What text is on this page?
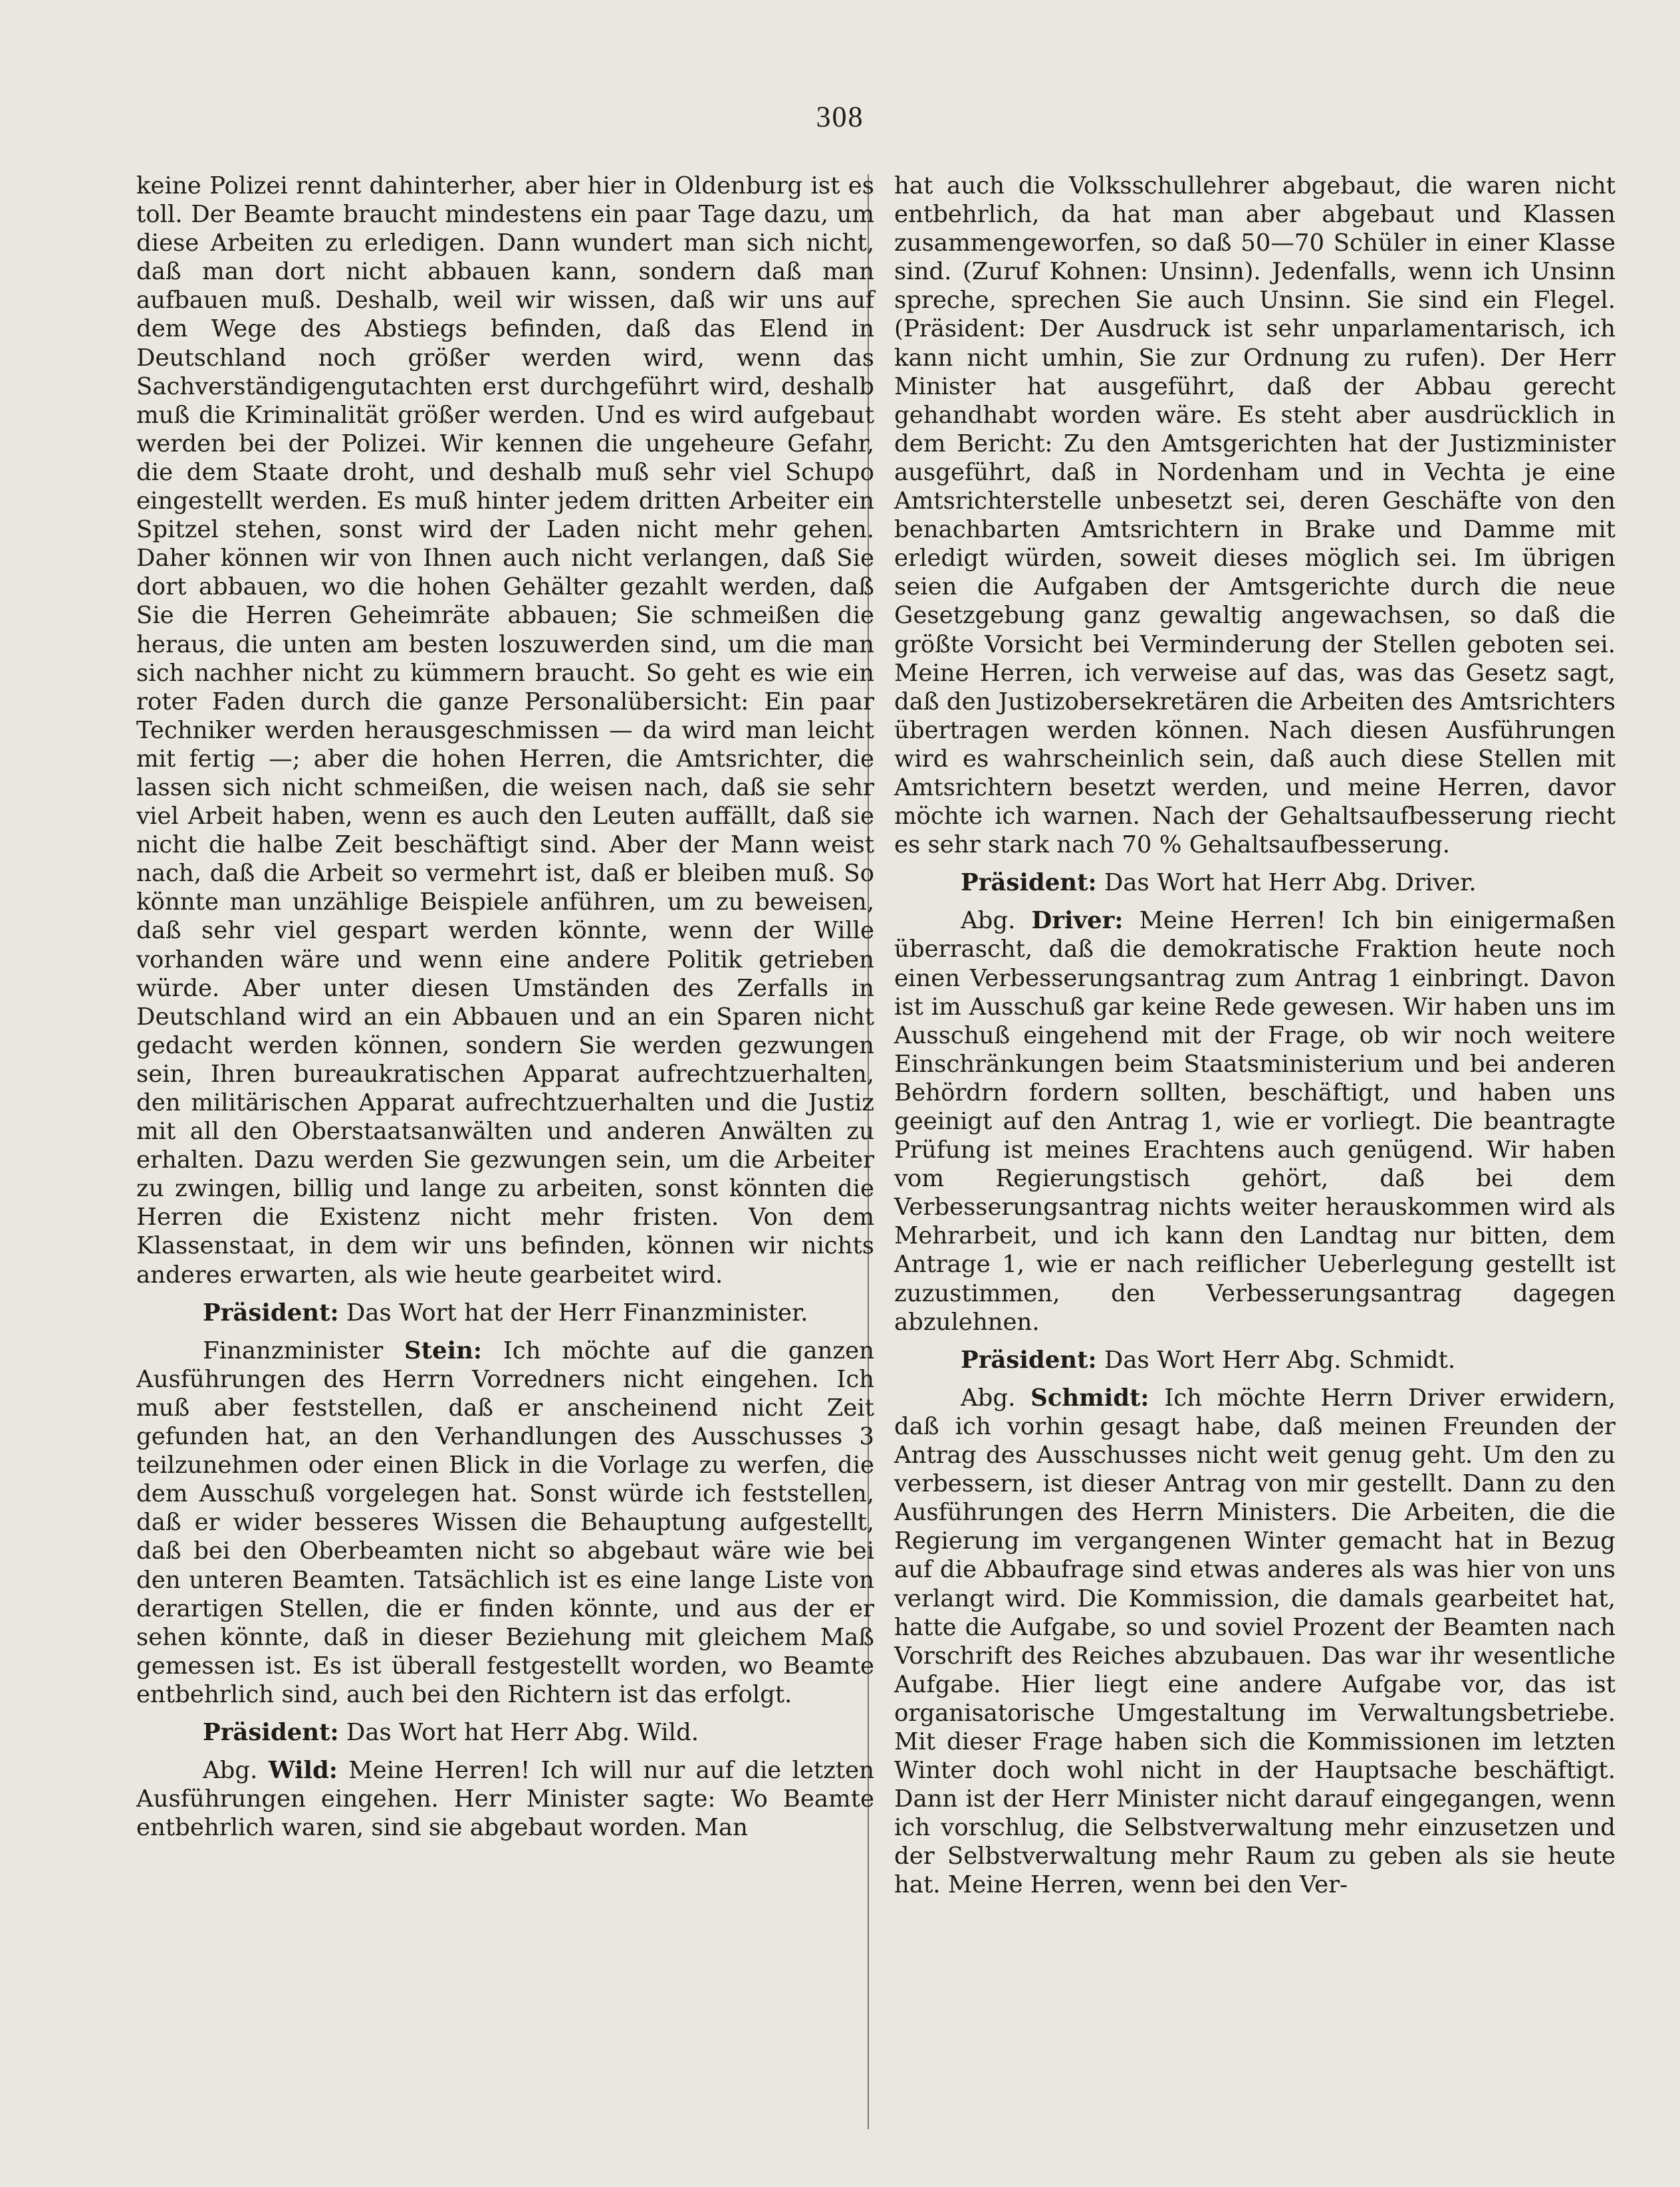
308

keine Polizei rennt dahinterher, aber hier in Oldenburg ist es toll. Der Beamte braucht mindestens ein paar Tage dazu, um diese Arbeiten zu erledigen. Dann wundert man sich nicht, daß man dort nicht abbauen kann, sondern daß man aufbauen muß. Deshalb, weil wir wissen, daß wir uns auf dem Wege des Abstiegs befinden, daß das Elend in Deutschland noch größer werden wird, wenn das Sachverständigengutachten erst durchgeführt wird, deshalb muß die Kriminalität größer werden. Und es wird aufgebaut werden bei der Polizei. Wir kennen die ungeheure Gefahr, die dem Staate droht, und deshalb muß sehr viel Schupo eingestellt werden. Es muß hinter jedem dritten Arbeiter ein Spitzel stehen, sonst wird der Laden nicht mehr gehen. Daher können wir von Ihnen auch nicht verlangen, daß Sie dort abbauen, wo die hohen Gehälter gezahlt werden, daß Sie die Herren Geheimräte abbauen; Sie schmeißen die heraus, die unten am besten loszuwerden sind, um die man sich nachher nicht zu kümmern braucht. So geht es wie ein roter Faden durch die ganze Personalübersicht: Ein paar Techniker werden herausgeschmissen — da wird man leicht mit fertig —; aber die hohen Herren, die Amtsrichter, die lassen sich nicht schmeißen, die weisen nach, daß sie sehr viel Arbeit haben, wenn es auch den Leuten auffällt, daß sie nicht die halbe Zeit beschäftigt sind. Aber der Mann weist nach, daß die Arbeit so vermehrt ist, daß er bleiben muß. So könnte man unzählige Beispiele anführen, um zu beweisen, daß sehr viel gespart werden könnte, wenn der Wille vorhanden wäre und wenn eine andere Politik getrieben würde. Aber unter diesen Umständen des Zerfalls in Deutschland wird an ein Abbauen und an ein Sparen nicht gedacht werden können, sondern Sie werden gezwungen sein, Ihren bureaukratischen Apparat aufrechtzuerhalten, den militärischen Apparat aufrechtzuerhalten und die Justiz mit all den Oberstaatsanwälten und anderen Anwälten zu erhalten. Dazu werden Sie gezwungen sein, um die Arbeiter zu zwingen, billig und lange zu arbeiten, sonst könnten die Herren die Existenz nicht mehr fristen. Von dem Klassenstaat, in dem wir uns befinden, können wir nichts anderes erwarten, als wie heute gearbeitet wird.

Präsident: Das Wort hat der Herr Finanzminister.

Finanzminister Stein: Ich möchte auf die ganzen Ausführungen des Herrn Vorredners nicht eingehen. Ich muß aber feststellen, daß er anscheinend nicht Zeit gefunden hat, an den Verhandlungen des Ausschusses 3 teilzunehmen oder einen Blick in die Vorlage zu werfen, die dem Ausschuß vorgelegen hat. Sonst würde ich feststellen, daß er wider besseres Wissen die Behauptung aufgestellt, daß bei den Oberbeamten nicht so abgebaut wäre wie bei den unteren Beamten. Tatsächlich ist es eine lange Liste von derartigen Stellen, die er finden könnte, und aus der er sehen könnte, daß in dieser Beziehung mit gleichem Maß gemessen ist. Es ist überall festgestellt worden, wo Beamte entbehrlich sind, auch bei den Richtern ist das erfolgt.

Präsident: Das Wort hat Herr Abg. Wild.

Abg. Wild: Meine Herren! Ich will nur auf die letzten Ausführungen eingehen. Herr Minister sagte: Wo Beamte entbehrlich waren, sind sie abgebaut worden. Man

hat auch die Volksschullehrer abgebaut, die waren nicht entbehrlich, da hat man aber abgebaut und Klassen zusammengeworfen, so daß 50—70 Schüler in einer Klasse sind. (Zuruf Kohnen: Unsinn). Jedenfalls, wenn ich Unsinn spreche, sprechen Sie auch Unsinn. Sie sind ein Flegel. (Präsident: Der Ausdruck ist sehr unparlamentarisch, ich kann nicht umhin, Sie zur Ordnung zu rufen). Der Herr Minister hat ausgeführt, daß der Abbau gerecht gehandhabt worden wäre. Es steht aber ausdrücklich in dem Bericht: Zu den Amtsgerichten hat der Justizminister ausgeführt, daß in Nordenham und in Vechta je eine Amtsrichterstelle unbesetzt sei, deren Geschäfte von den benachbarten Amtsrichtern in Brake und Damme mit erledigt würden, soweit dieses möglich sei. Im übrigen seien die Aufgaben der Amtsgerichte durch die neue Gesetzgebung ganz gewaltig angewachsen, so daß die größte Vorsicht bei Verminderung der Stellen geboten sei. Meine Herren, ich verweise auf das, was das Gesetz sagt, daß den Justizobersekretären die Arbeiten des Amtsrichters übertragen werden können. Nach diesen Ausführungen wird es wahrscheinlich sein, daß auch diese Stellen mit Amtsrichtern besetzt werden, und meine Herren, davor möchte ich warnen. Nach der Gehaltsaufbesserung riecht es sehr stark nach 70 % Gehaltsaufbesserung.

Präsident: Das Wort hat Herr Abg. Driver.

Abg. Driver: Meine Herren! Ich bin einigermaßen überrascht, daß die demokratische Fraktion heute noch einen Verbesserungsantrag zum Antrag 1 einbringt. Davon ist im Ausschuß gar keine Rede gewesen. Wir haben uns im Ausschuß eingehend mit der Frage, ob wir noch weitere Einschränkungen beim Staatsministerium und bei anderen Behördrn fordern sollten, beschäftigt, und haben uns geeinigt auf den Antrag 1, wie er vorliegt. Die beantragte Prüfung ist meines Erachtens auch genügend. Wir haben vom Regierungstisch gehört, daß bei dem Verbesserungsantrag nichts weiter herauskommen wird als Mehrarbeit, und ich kann den Landtag nur bitten, dem Antrage 1, wie er nach reiflicher Ueberlegung gestellt ist zuzustimmen, den Verbesserungsantrag dagegen abzulehnen.

Präsident: Das Wort Herr Abg. Schmidt.

Abg. Schmidt: Ich möchte Herrn Driver erwidern, daß ich vorhin gesagt habe, daß meinen Freunden der Antrag des Ausschusses nicht weit genug geht. Um den zu verbessern, ist dieser Antrag von mir gestellt. Dann zu den Ausführungen des Herrn Ministers. Die Arbeiten, die die Regierung im vergangenen Winter gemacht hat in Bezug auf die Abbaufrage sind etwas anderes als was hier von uns verlangt wird. Die Kommission, die damals gearbeitet hat, hatte die Aufgabe, so und soviel Prozent der Beamten nach Vorschrift des Reiches abzubauen. Das war ihr wesentliche Aufgabe. Hier liegt eine andere Aufgabe vor, das ist organisatorische Umgestaltung im Verwaltungsbetriebe. Mit dieser Frage haben sich die Kommissionen im letzten Winter doch wohl nicht in der Hauptsache beschäftigt. Dann ist der Herr Minister nicht darauf eingegangen, wenn ich vorschlug, die Selbstverwaltung mehr einzusetzen und der Selbstverwaltung mehr Raum zu geben als sie heute hat. Meine Herren, wenn bei den Ver-
